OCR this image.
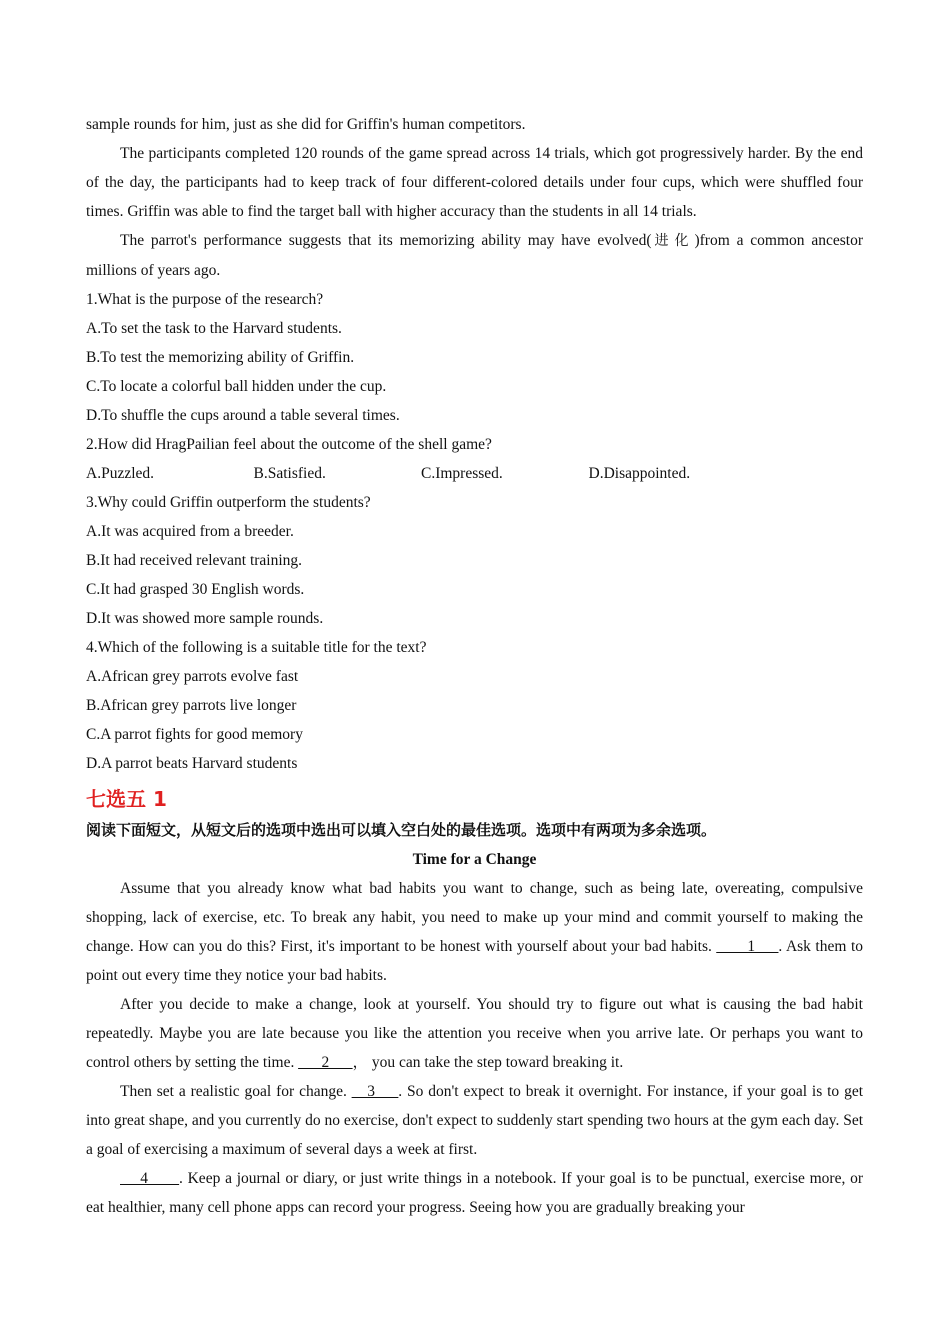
sample rounds for him, just as she did for Griffin's human competitors.

The participants completed 120 rounds of the game spread across 14 trials, which got progressively harder. By the end of the day, the participants had to keep track of four different-colored details under four cups, which were shuffled four times. Griffin was able to find the target ball with higher accuracy than the students in all 14 trials.

The parrot's performance suggests that its memorizing ability may have evolved(进化)from a common ancestor millions of years ago.

1.What is the purpose of the research?

A.To set the task to the Harvard students.

B.To test the memorizing ability of Griffin.

C.To locate a colorful ball hidden under the cup.

D.To shuffle the cups around a table several times.

2.How did HragPailian feel about the outcome of the shell game?

A.Puzzled.	B.Satisfied.	C.Impressed.	D.Disappointed.

3.Why could Griffin outperform the students?

A.It was acquired from a breeder.

B.It had received relevant training.

C.It had grasped 30 English words.

D.It was showed more sample rounds.

4.Which of the following is a suitable title for the text?

A.African grey parrots evolve fast

B.African grey parrots live longer

C.A parrot fights for good memory

D.A parrot beats Harvard students

七选五 1

阅读下面短文，从短文后的选项中选出可以填入空白处的最佳选项。选项中有两项为多余选项。

Time for a Change

Assume that you already know what bad habits you want to change, such as being late, overeating, compulsive shopping, lack of exercise, etc. To break any habit, you need to make up your mind and commit yourself to making the change. How can you do this? First, it's important to be honest with yourself about your bad habits. ____1___. Ask them to point out every time they notice your bad habits.

After you decide to make a change, look at yourself. You should try to figure out what is causing the bad habit repeatedly. Maybe you are late because you like the attention you receive when you arrive late. Or perhaps you want to control others by setting the time. ___2___， you can take the step toward breaking it.

Then set a realistic goal for change. __3___. So don't expect to break it overnight. For instance, if your goal is to get into great shape, and you currently do no exercise, don't expect to suddenly start spending two hours at the gym each day. Set a goal of exercising a maximum of several days a week at first.

__4____. Keep a journal or diary, or just write things in a notebook. If your goal is to be punctual, exercise more, or eat healthier, many cell phone apps can record your progress. Seeing how you are gradually breaking your
